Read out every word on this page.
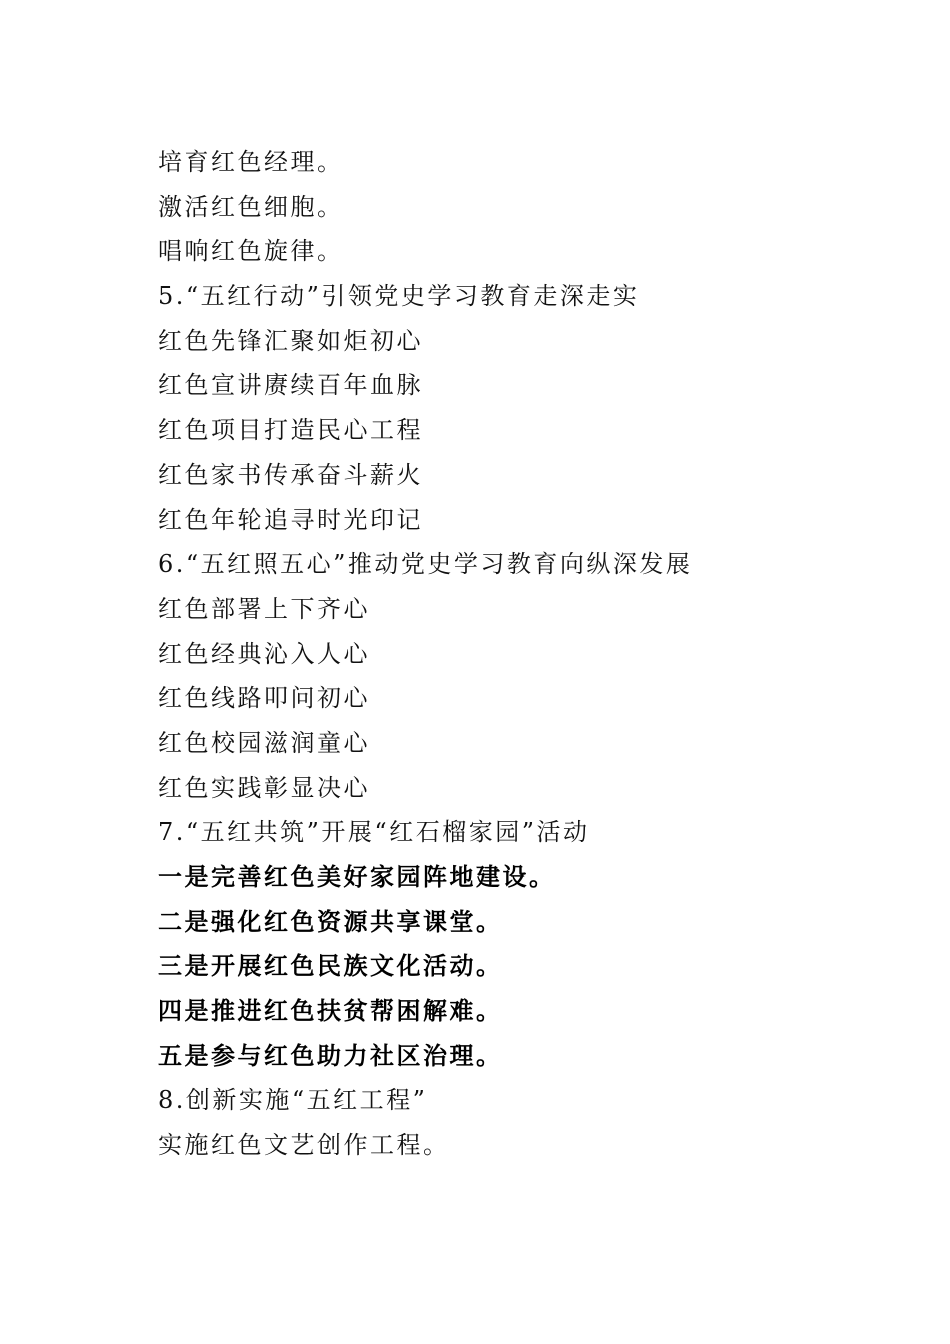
培育红色经理。
激活红色细胞。
唱响红色旋律。
5.“五红行动”引领党史学习教育走深走实
红色先锋汇聚如炬初心
红色宣讲赓续百年血脉
红色项目打造民心工程
红色家书传承奋斗薪火
红色年轮追寻时光印记
6.“五红照五心”推动党史学习教育向纵深发展
红色部署上下齐心
红色经典沁入人心
红色线路叩问初心
红色校园滋润童心
红色实践彰显决心
7.“五红共筑”开展“红石榴家园”活动
一是完善红色美好家园阵地建设。
二是强化红色资源共享课堂。
三是开展红色民族文化活动。
四是推进红色扶贫帮困解难。
五是参与红色助力社区治理。
8.创新实施“五红工程”
实施红色文艺创作工程。
